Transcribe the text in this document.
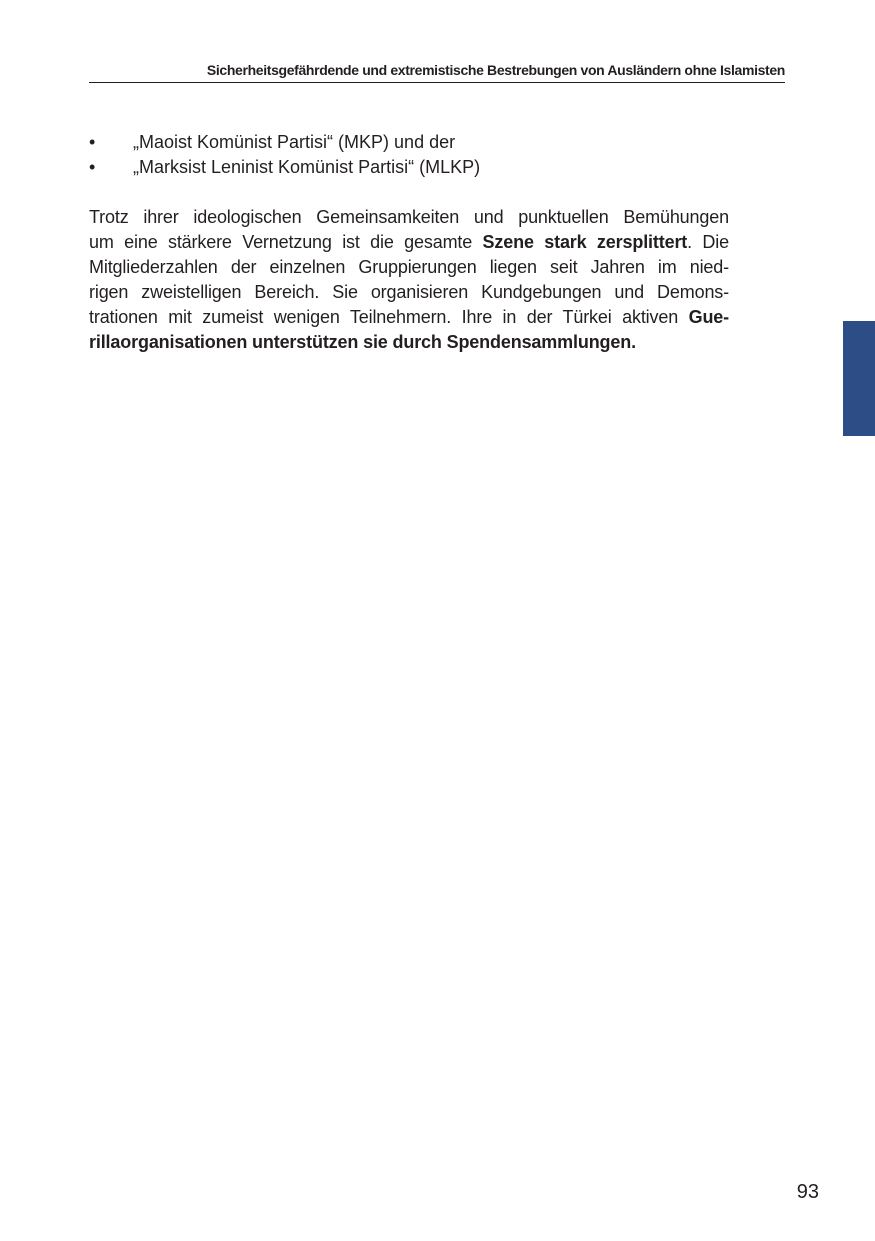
Sicherheitsgefährdende und extremistische Bestrebungen von Ausländern ohne Islamisten
• „Maoist Komünist Partisi“ (MKP) und der
• „Marksist Leninist Komünist Partisi“ (MLKP)

Trotz ihrer ideologischen Gemeinsamkeiten und punktuellen Bemühungen
um eine stärkere Vernetzung ist die gesamte Szene stark zersplittert. Die
Mitgliederzahlen der einzelnen Gruppierungen liegen seit Jahren im nied-
rigen zweistelligen Bereich. Sie organisieren Kundgebungen und Demons-
trationen mit zumeist wenigen Teilnehmern. Ihre in der Türkei aktiven Gue-
rillaorganisationen unterstützen sie durch Spendensammlungen.

93
